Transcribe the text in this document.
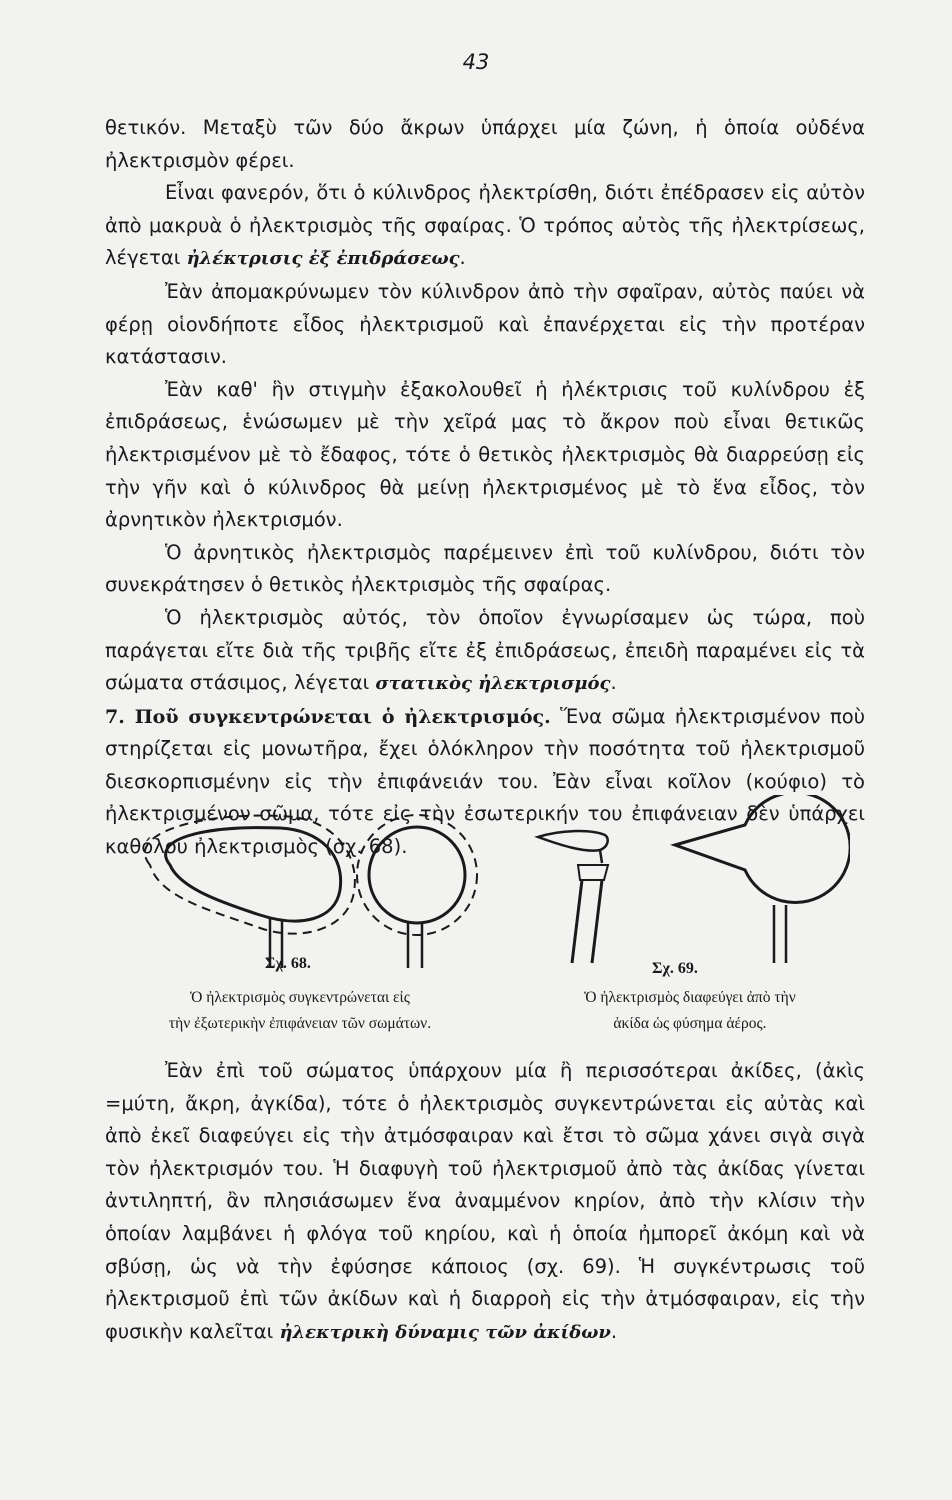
43

θετικόν. Μεταξὺ τῶν δύο ἄκρων ὑπάρχει μία ζώνη, ἡ ὁποία οὐδένα ἠλεκτρισμὸν φέρει.

Εἶναι φανερόν, ὅτι ὁ κύλινδρος ἠλεκτρίσθη, διότι ἐπέδρασεν εἰς αὐτὸν ἀπὸ μακρυὰ ὁ ἠλεκτρισμὸς τῆς σφαίρας. Ὁ τρόπος αὐτὸς τῆς ἠλεκτρίσεως, λέγεται ἠλέκτρισις ἐξ ἐπιδράσεως.

Ἐὰν ἀπομακρύνωμεν τὸν κύλινδρον ἀπὸ τὴν σφαῖραν, αὐτὸς παύει νὰ φέρῃ οἱονδήποτε εἶδος ἠλεκτρισμοῦ καὶ ἐπανέρχεται εἰς τὴν προτέραν κατάστασιν.

Ἐὰν καθ' ἣν στιγμὴν ἐξακολουθεῖ ἡ ἠλέκτρισις τοῦ κυλίνδρου ἐξ ἐπιδράσεως, ἑνώσωμεν μὲ τὴν χεῖρά μας τὸ ἄκρον ποὺ εἶναι θετικῶς ἠλεκτρισμένον μὲ τὸ ἔδαφος, τότε ὁ θετικὸς ἠλεκτρισμὸς θὰ διαρρεύσῃ εἰς τὴν γῆν καὶ ὁ κύλινδρος θὰ μείνῃ ἠλεκτρισμένος μὲ τὸ ἕνα εἶδος, τὸν ἀρνητικὸν ἠλεκτρισμόν.

Ὁ ἀρνητικὸς ἠλεκτρισμὸς παρέμεινεν ἐπὶ τοῦ κυλίνδρου, διότι τὸν συνεκράτησεν ὁ θετικὸς ἠλεκτρισμὸς τῆς σφαίρας.

Ὁ ἠλεκτρισμὸς αὐτός, τὸν ὁποῖον ἐγνωρίσαμεν ὡς τώρα, ποὺ παράγεται εἴτε διὰ τῆς τριβῆς εἴτε ἐξ ἐπιδράσεως, ἐπειδὴ παραμένει εἰς τὰ σώματα στάσιμος, λέγεται στατικὸς ἠλεκτρισμός.

7. Ποῦ συγκεντρώνεται ὁ ἠλεκτρισμός. Ἕνα σῶμα ἠλεκτρισμένον ποὺ στηρίζεται εἰς μονωτῆρα, ἔχει ὁλόκληρον τὴν ποσότητα τοῦ ἠλεκτρισμοῦ διεσκορπισμένην εἰς τὴν ἐπιφάνειάν του. Ἐὰν εἶναι κοῖλον (κούφιο) τὸ ἠλεκτρισμένον σῶμα, τότε εἰς τὴν ἐσωτερικήν του ἐπιφάνειαν δὲν ὑπάρχει καθόλου ἠλεκτρισμὸς (σχ. 68).

Σχ. 68.
Ὁ ἠλεκτρισμὸς συγκεντρώνεται εἰς
τὴν ἐξωτερικὴν ἐπιφάνειαν τῶν σωμάτων.
Σχ. 69.
Ὁ ἠλεκτρισμὸς διαφεύγει ἀπὸ τὴν
ἀκίδα ὡς φύσημα ἀέρος.

Ἐὰν ἐπὶ τοῦ σώματος ὑπάρχουν μία ἢ περισσότεραι ἀκίδες, (ἀκὶς =μύτη, ἄκρη, ἀγκίδα), τότε ὁ ἠλεκτρισμὸς συγκεντρώνεται εἰς αὐτὰς καὶ ἀπὸ ἐκεῖ διαφεύγει εἰς τὴν ἀτμόσφαιραν καὶ ἔτσι τὸ σῶμα χάνει σιγὰ σιγὰ τὸν ἠλεκτρισμόν του. Ἡ διαφυγὴ τοῦ ἠλεκτρισμοῦ ἀπὸ τὰς ἀκίδας γίνεται ἀντιληπτή, ἂν πλησιάσωμεν ἕνα ἀναμμένον κηρίον, ἀπὸ τὴν κλίσιν τὴν ὁποίαν λαμβάνει ἡ φλόγα τοῦ κηρίου, καὶ ἡ ὁποία ἠμπορεῖ ἀκόμη καὶ νὰ σβύσῃ, ὡς νὰ τὴν ἐφύσησε κάποιος (σχ. 69). Ἡ συγκέντρωσις τοῦ ἠλεκτρισμοῦ ἐπὶ τῶν ἀκίδων καὶ ἡ διαρροὴ εἰς τὴν ἀτμόσφαιραν, εἰς τὴν φυσικὴν καλεῖται ἠλεκτρικὴ δύναμις τῶν ἀκίδων.
